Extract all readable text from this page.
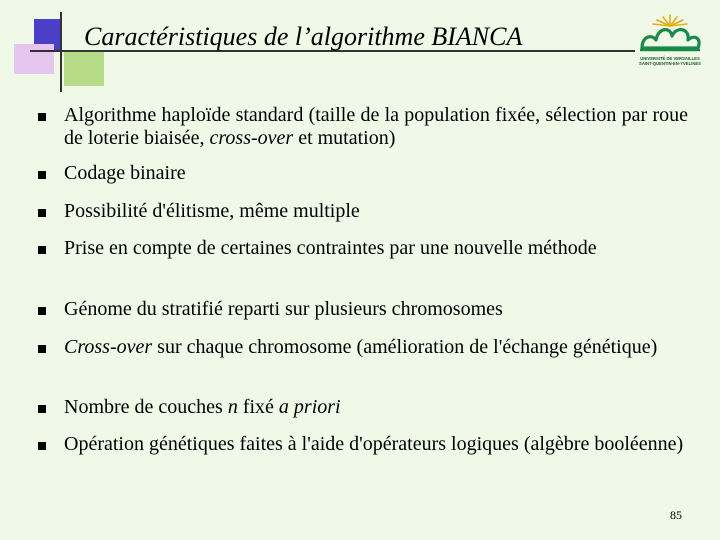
Caractéristiques de l’algorithme BIANCA
UNIVERSITÉ DE VERSAILLES
SAINT-QUENTIN-EN-YVELINES
Algorithme haploïde standard (taille de la population fixée, sélection par roue de loterie biaisée, cross-over et mutation)
Codage binaire
Possibilité d'élitisme, même multiple
Prise en compte de certaines contraintes par une nouvelle méthode
Génome du stratifié reparti sur plusieurs chromosomes
Cross-over sur chaque chromosome (amélioration de l'échange génétique)
Nombre de couches n fixé a priori
Opération génétiques faites à l'aide d'opérateurs logiques (algèbre booléenne)
85
